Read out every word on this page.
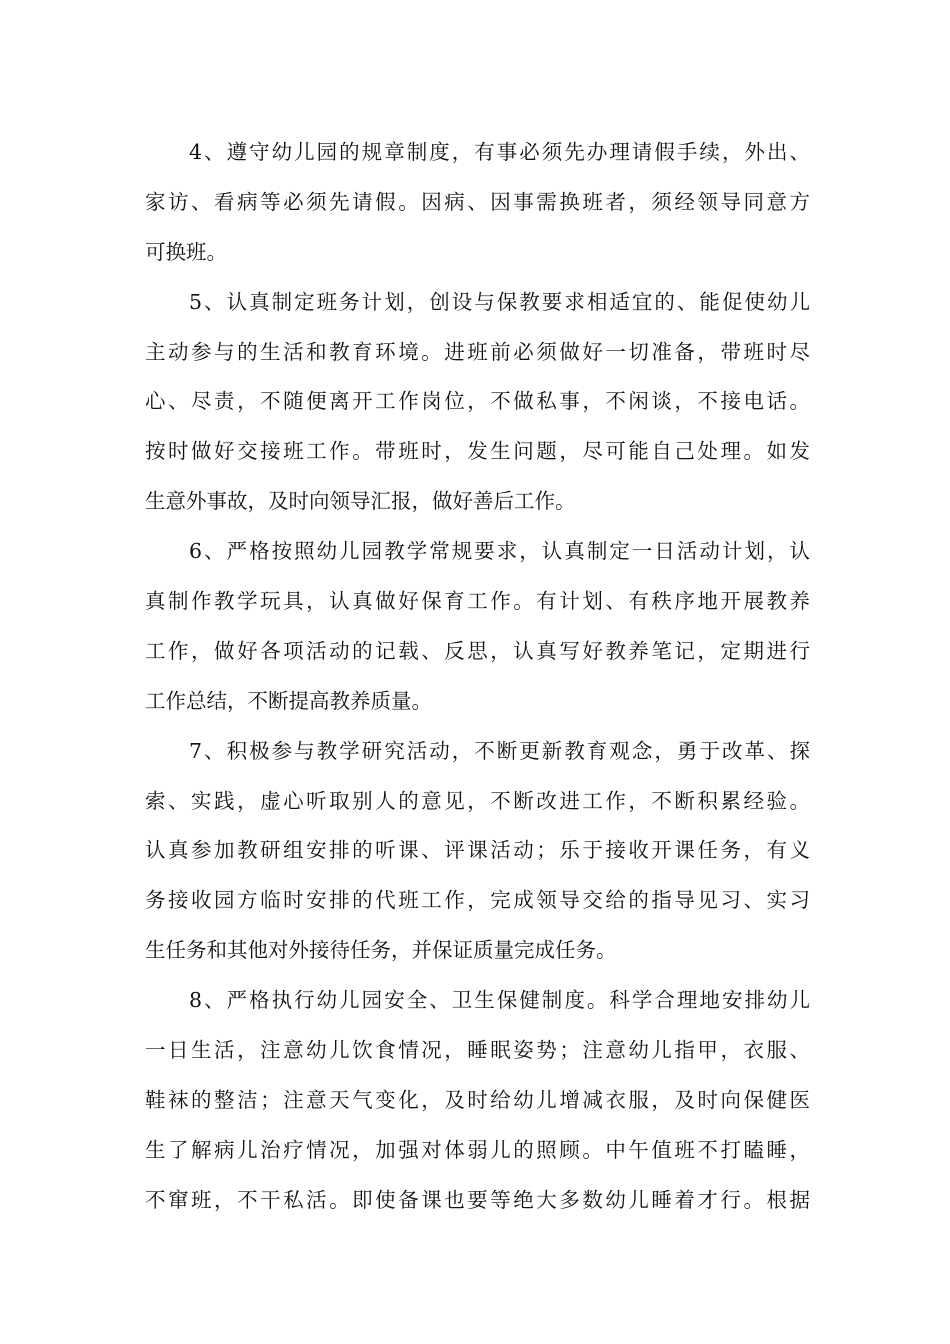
4、遵守幼儿园的规章制度，有事必须先办理请假手续，外出、
家访、看病等必须先请假。因病、因事需换班者，须经领导同意方
可换班。
5、认真制定班务计划，创设与保教要求相适宜的、能促使幼儿
主动参与的生活和教育环境。进班前必须做好一切准备，带班时尽
心、尽责，不随便离开工作岗位，不做私事，不闲谈，不接电话。
按时做好交接班工作。带班时，发生问题，尽可能自己处理。如发
生意外事故，及时向领导汇报，做好善后工作。
6、严格按照幼儿园教学常规要求，认真制定一日活动计划，认
真制作教学玩具，认真做好保育工作。有计划、有秩序地开展教养
工作，做好各项活动的记载、反思，认真写好教养笔记，定期进行
工作总结，不断提高教养质量。
7、积极参与教学研究活动，不断更新教育观念，勇于改革、探
索、实践，虚心听取别人的意见，不断改进工作，不断积累经验。
认真参加教研组安排的听课、评课活动；乐于接收开课任务，有义
务接收园方临时安排的代班工作，完成领导交给的指导见习、实习
生任务和其他对外接待任务，并保证质量完成任务。
8、严格执行幼儿园安全、卫生保健制度。科学合理地安排幼儿
一日生活，注意幼儿饮食情况，睡眠姿势；注意幼儿指甲，衣服、
鞋袜的整洁；注意天气变化，及时给幼儿增减衣服，及时向保健医
生了解病儿治疗情况，加强对体弱儿的照顾。中午值班不打瞌睡，
不窜班，不干私活。即使备课也要等绝大多数幼儿睡着才行。根据
